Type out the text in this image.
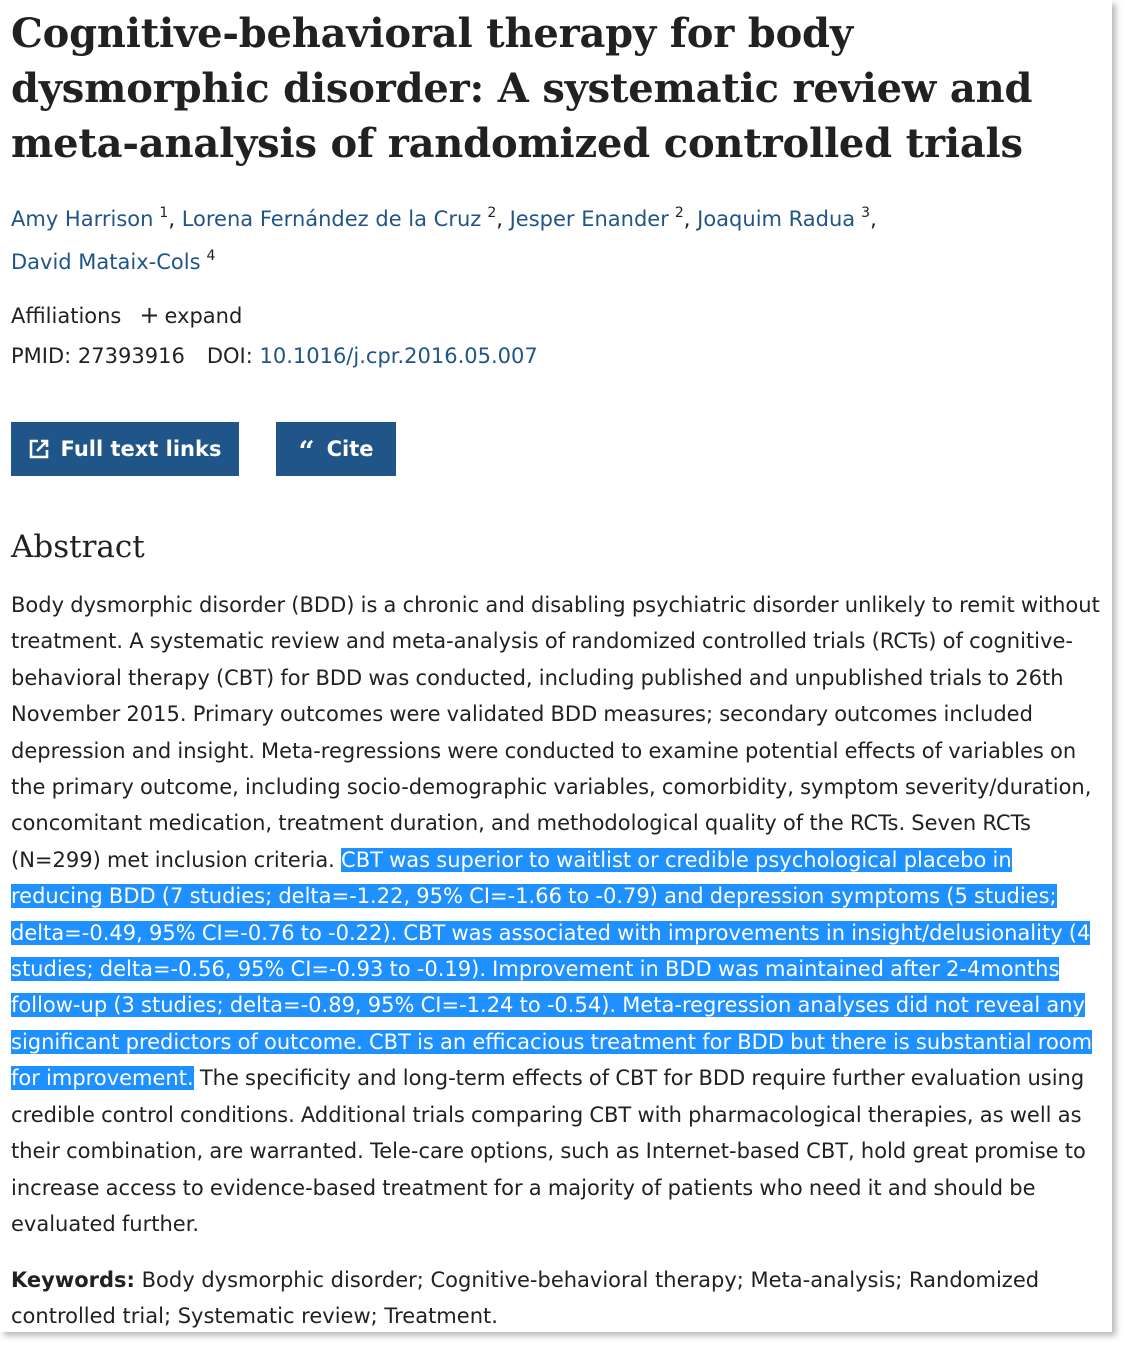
Cognitive-behavioral therapy for body dysmorphic disorder: A systematic review and meta-analysis of randomized controlled trials
Amy Harrison $^1$, Lorena Fernández de la Cruz $^2$, Jesper Enander $^2$, Joaquim Radua $^3$,
David Mataix-Cols $^4$
Affiliations + expand
PMID: 27393916 DOI: 10.1016/j.cpr.2016.05.007
Full text links	“ Cite
Abstract
Body dysmorphic disorder (BDD) is a chronic and disabling psychiatric disorder unlikely to remit without treatment. A systematic review and meta-analysis of randomized controlled trials (RCTs) of cognitive-behavioral therapy (CBT) for BDD was conducted, including published and unpublished trials to 26th November 2015. Primary outcomes were validated BDD measures; secondary outcomes included depression and insight. Meta-regressions were conducted to examine potential effects of variables on the primary outcome, including socio-demographic variables, comorbidity, symptom severity/duration, concomitant medication, treatment duration, and methodological quality of the RCTs. Seven RCTs (N=299) met inclusion criteria. CBT was superior to waitlist or credible psychological placebo in reducing BDD (7 studies; delta=-1.22, 95% CI=-1.66 to -0.79) and depression symptoms (5 studies; delta=-0.49, 95% CI=-0.76 to -0.22). CBT was associated with improvements in insight/delusionality (4 studies; delta=-0.56, 95% CI=-0.93 to -0.19). Improvement in BDD was maintained after 2-4months follow-up (3 studies; delta=-0.89, 95% CI=-1.24 to -0.54). Meta-regression analyses did not reveal any significant predictors of outcome. CBT is an efficacious treatment for BDD but there is substantial room for improvement. The specificity and long-term effects of CBT for BDD require further evaluation using credible control conditions. Additional trials comparing CBT with pharmacological therapies, as well as their combination, are warranted. Tele-care options, such as Internet-based CBT, hold great promise to increase access to evidence-based treatment for a majority of patients who need it and should be evaluated further.
Keywords: Body dysmorphic disorder; Cognitive-behavioral therapy; Meta-analysis; Randomized controlled trial; Systematic review; Treatment.
